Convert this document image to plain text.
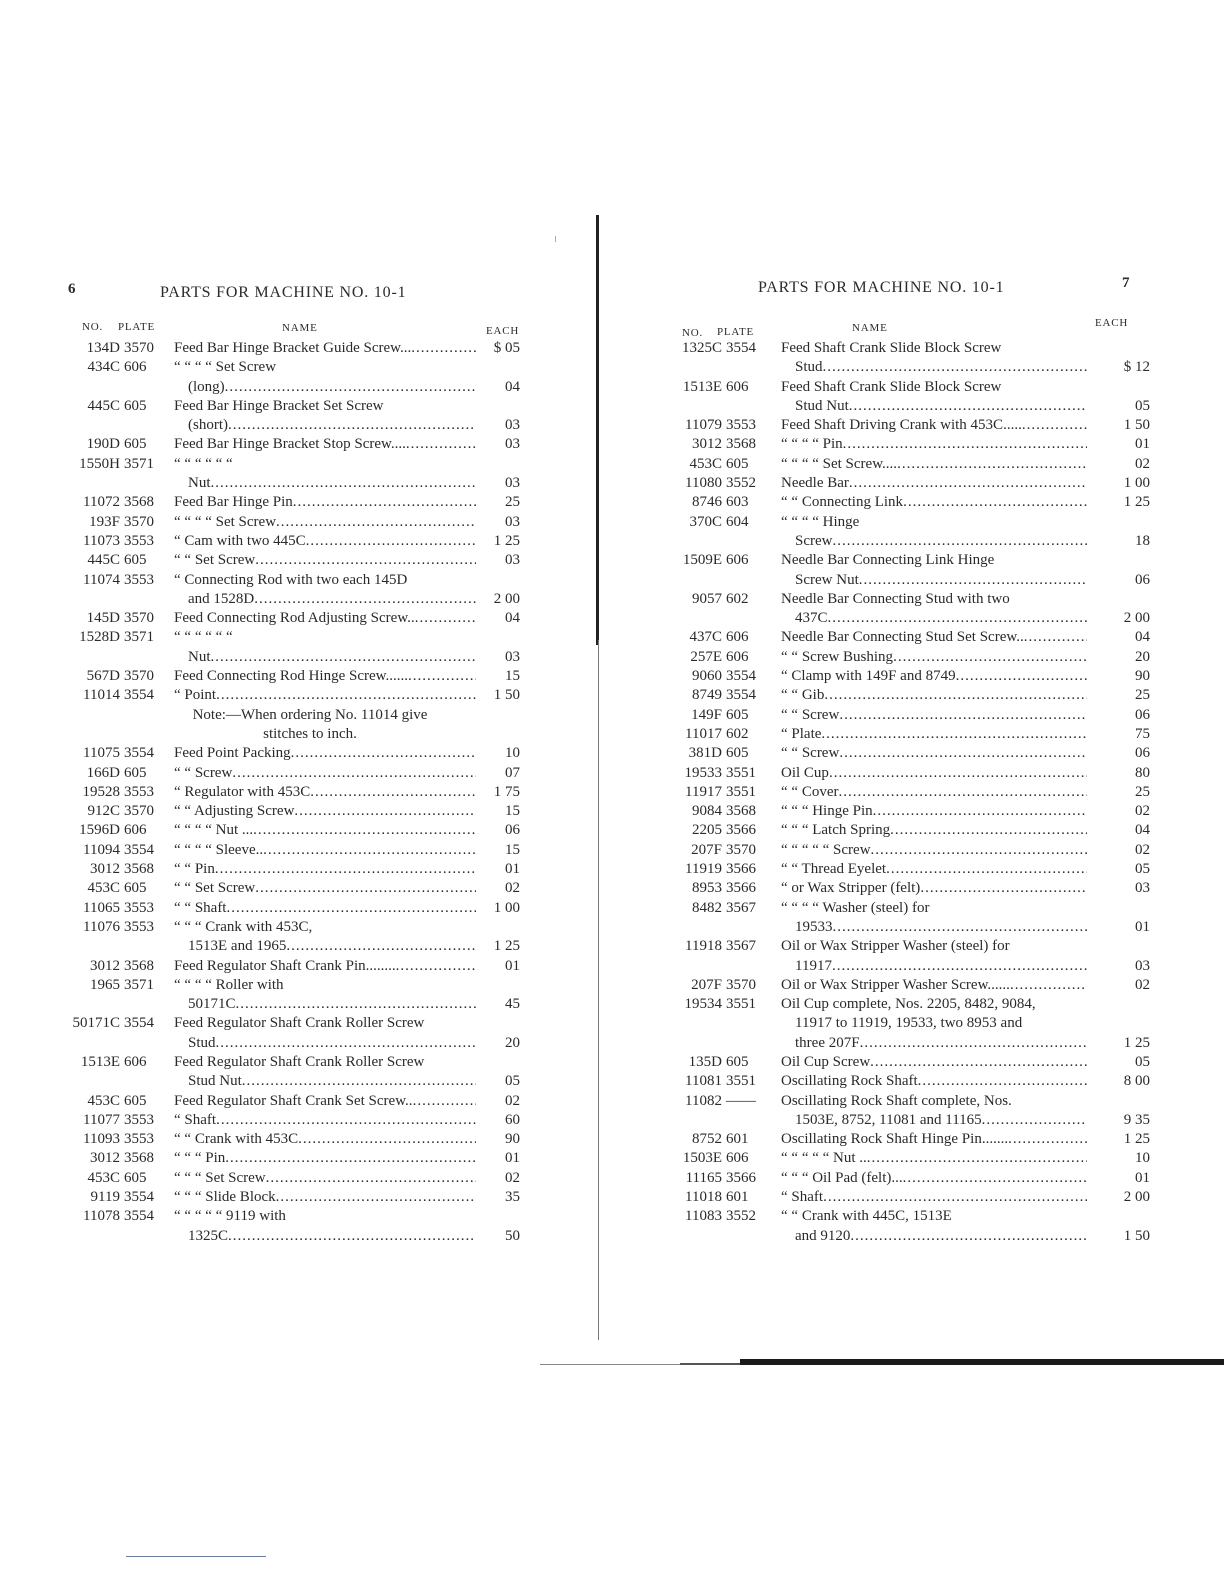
6	PARTS FOR MACHINE NO. 10-1
NO. PLATE	NAME	EACH
134D 3570	Feed Bar Hinge Bracket Guide Screw... .....	$ 05
434C 606	“ “ “ “ Set Screw
(long) .....	04
445C 605	Feed Bar Hinge Bracket Set Screw
(short) .....	03
190D 605	Feed Bar Hinge Bracket Stop Screw.... .....	03
1550H 3571	“ “ “ “ “ “
Nut .....	03
11072 3568	Feed Bar Hinge Pin .....	25
193F 3570	“ “ “ “ Set Screw .....	03
11073 3553	“ Cam with two 445C .....	1 25
445C 605	“ “ Set Screw .....	03
11074 3553	“ Connecting Rod with two each 145D
and 1528D .....	2 00
145D 3570	Feed Connecting Rod Adjusting Screw.. .....	04
1528D 3571	“ “ “ “ “ “
Nut .....	03
567D 3570	Feed Connecting Rod Hinge Screw...... .....	15
11014 3554	“ Point .....	1 50
Note:—When ordering No. 11014 give
stitches to inch.
11075 3554	Feed Point Packing .....	10
166D 605	“ “ Screw .....	07
19528 3553	“ Regulator with 453C .....	1 75
912C 3570	“ “ Adjusting Screw .....	15
1596D 606	“ “ “ “ Nut ... .....	06
11094 3554	“ “ “ “ Sleeve.. .....	15
3012 3568	“ “ Pin .....	01
453C 605	“ “ Set Screw .....	02
11065 3553	“ “ Shaft .....	1 00
11076 3553	“ “ “ Crank with 453C,
1513E and 1965 .....	1 25
3012 3568	Feed Regulator Shaft Crank Pin........ .....	01
1965 3571	“ “ “ “ Roller with
50171C .....	45
50171C 3554	Feed Regulator Shaft Crank Roller Screw
Stud .....	20
1513E 606	Feed Regulator Shaft Crank Roller Screw
Stud Nut .....	05
453C 605	Feed Regulator Shaft Crank Set Screw.. .....	02
11077 3553	“ Shaft .....	60
11093 3553	“ “ Crank with 453C .....	90
3012 3568	“ “ “ Pin .....	01
453C 605	“ “ “ Set Screw .....	02
9119 3554	“ “ “ Slide Block .....	35
11078 3554	“ “ “ “ “ 9119 with
1325C .....	50
7
PARTS FOR MACHINE NO. 10-1
NO. PLATE	NAME	EACH
1325C 3554	Feed Shaft Crank Slide Block Screw
Stud .....	$ 12
1513E 606	Feed Shaft Crank Slide Block Screw
Stud Nut .....	05
11079 3553	Feed Shaft Driving Crank with 453C..... .....	1 50
3012 3568	“ “ “ “ Pin .....	01
453C 605	“ “ “ “ Set Screw.... .....	02
11080 3552	Needle Bar .....	1 00
8746 603	“ “ Connecting Link .....	1 25
370C 604	“ “ “ “ Hinge
Screw .....	18
1509E 606	Needle Bar Connecting Link Hinge
Screw Nut .....	06
9057 602	Needle Bar Connecting Stud with two
437C .....	2 00
437C 606	Needle Bar Connecting Stud Set Screw.. .....	04
257E 606	“ “ Screw Bushing .....	20
9060 3554	“ Clamp with 149F and 8749 .....	90
8749 3554	“ “ Gib .....	25
149F 605	“ “ Screw .....	06
11017 602	“ Plate .....	75
381D 605	“ “ Screw .....	06
19533 3551	Oil Cup .....	80
11917 3551	“ “ Cover .....	25
9084 3568	“ “ “ Hinge Pin .....	02
2205 3566	“ “ “ Latch Spring .....	04
207F 3570	“ “ “ “ “ Screw .....	02
11919 3566	“ “ Thread Eyelet .....	05
8953 3566	“ or Wax Stripper (felt) .....	03
8482 3567	“ “ “ “ Washer (steel) for
19533 .....	01
11918 3567	Oil or Wax Stripper Washer (steel) for
11917 .....	03
207F 3570	Oil or Wax Stripper Washer Screw...... .....	02
19534 3551	Oil Cup complete, Nos. 2205, 8482, 9084,
11917 to 11919, 19533, two 8953 and
three 207F .....	1 25
135D 605	Oil Cup Screw .....	05
11081 3551	Oscillating Rock Shaft .....	8 00
11082 ——	Oscillating Rock Shaft complete, Nos.
1503E, 8752, 11081 and 11165 .....	9 35
8752 601	Oscillating Rock Shaft Hinge Pin....... .....	1 25
1503E 606	“ “ “ “ “ Nut .. .....	10
11165 3566	“ “ “ Oil Pad (felt)... .....	01
11018 601	“ Shaft .....	2 00
11083 3552	“ “ Crank with 445C, 1513E
and 9120 .....	1 50
